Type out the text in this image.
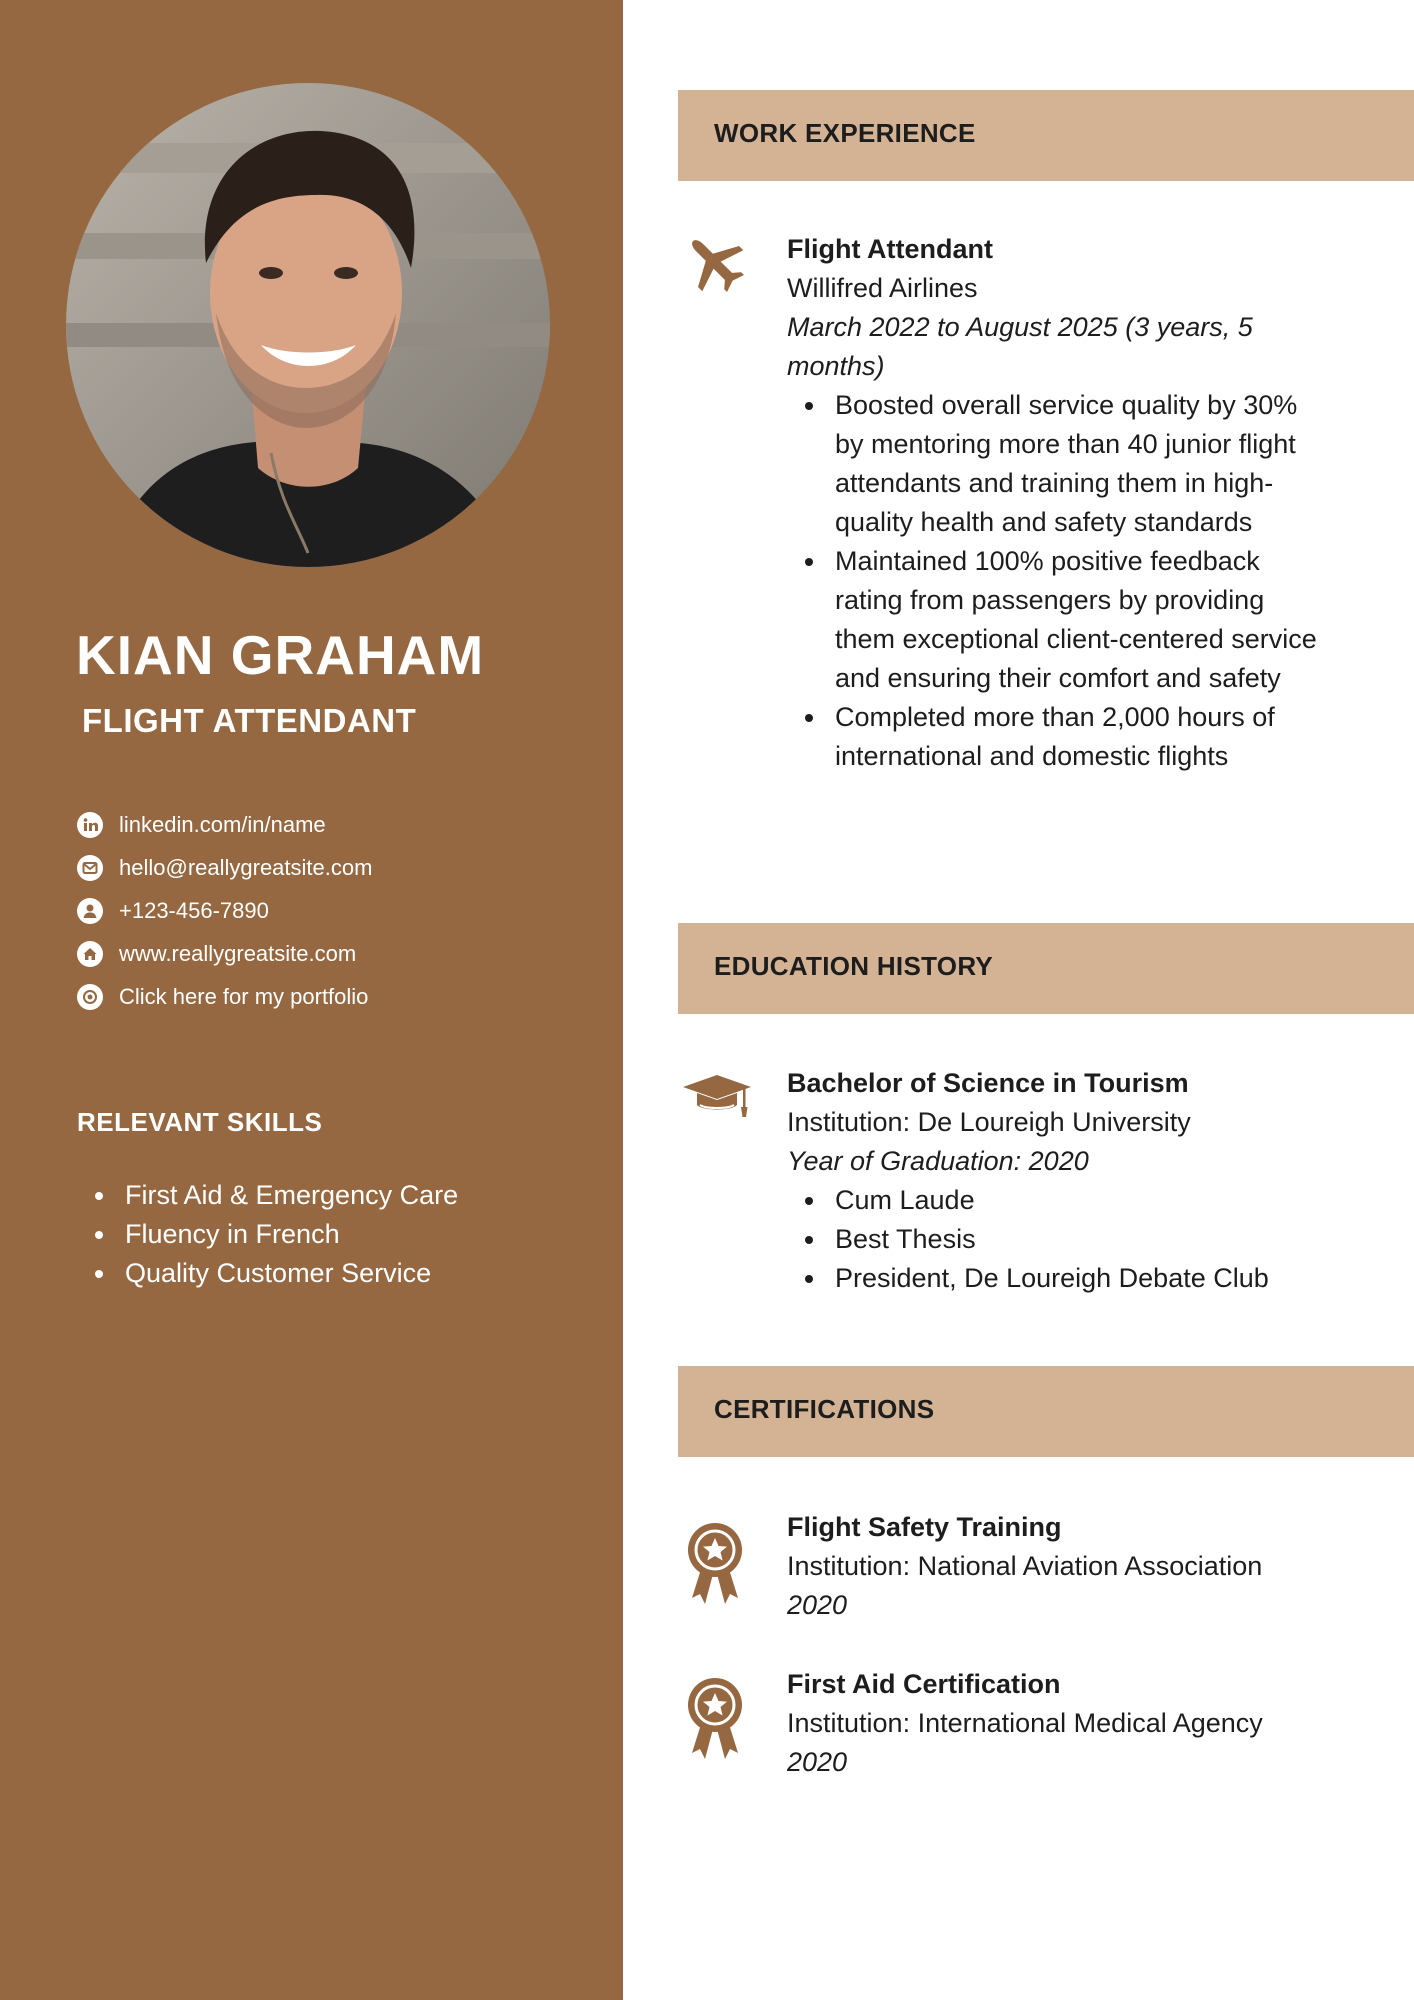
KIAN GRAHAM
FLIGHT ATTENDANT
linkedin.com/in/name
hello@reallygreatsite.com
+123-456-7890
www.reallygreatsite.com
Click here for my portfolio
RELEVANT SKILLS
First Aid & Emergency Care
Fluency in French
Quality Customer Service
WORK EXPERIENCE
Flight Attendant
Willifred Airlines
March 2022 to August 2025 (3 years, 5 months)
Boosted overall service quality by 30% by mentoring more than 40 junior flight attendants and training them in high-quality health and safety standards
Maintained 100% positive feedback rating from passengers by providing them exceptional client-centered service and ensuring their comfort and safety
Completed more than 2,000 hours of international and domestic flights
EDUCATION HISTORY
Bachelor of Science in Tourism
Institution: De Loureigh University
Year of Graduation: 2020
Cum Laude
Best Thesis
President, De Loureigh Debate Club
CERTIFICATIONS
Flight Safety Training
Institution: National Aviation Association
2020
First Aid Certification
Institution: International Medical Agency
2020
